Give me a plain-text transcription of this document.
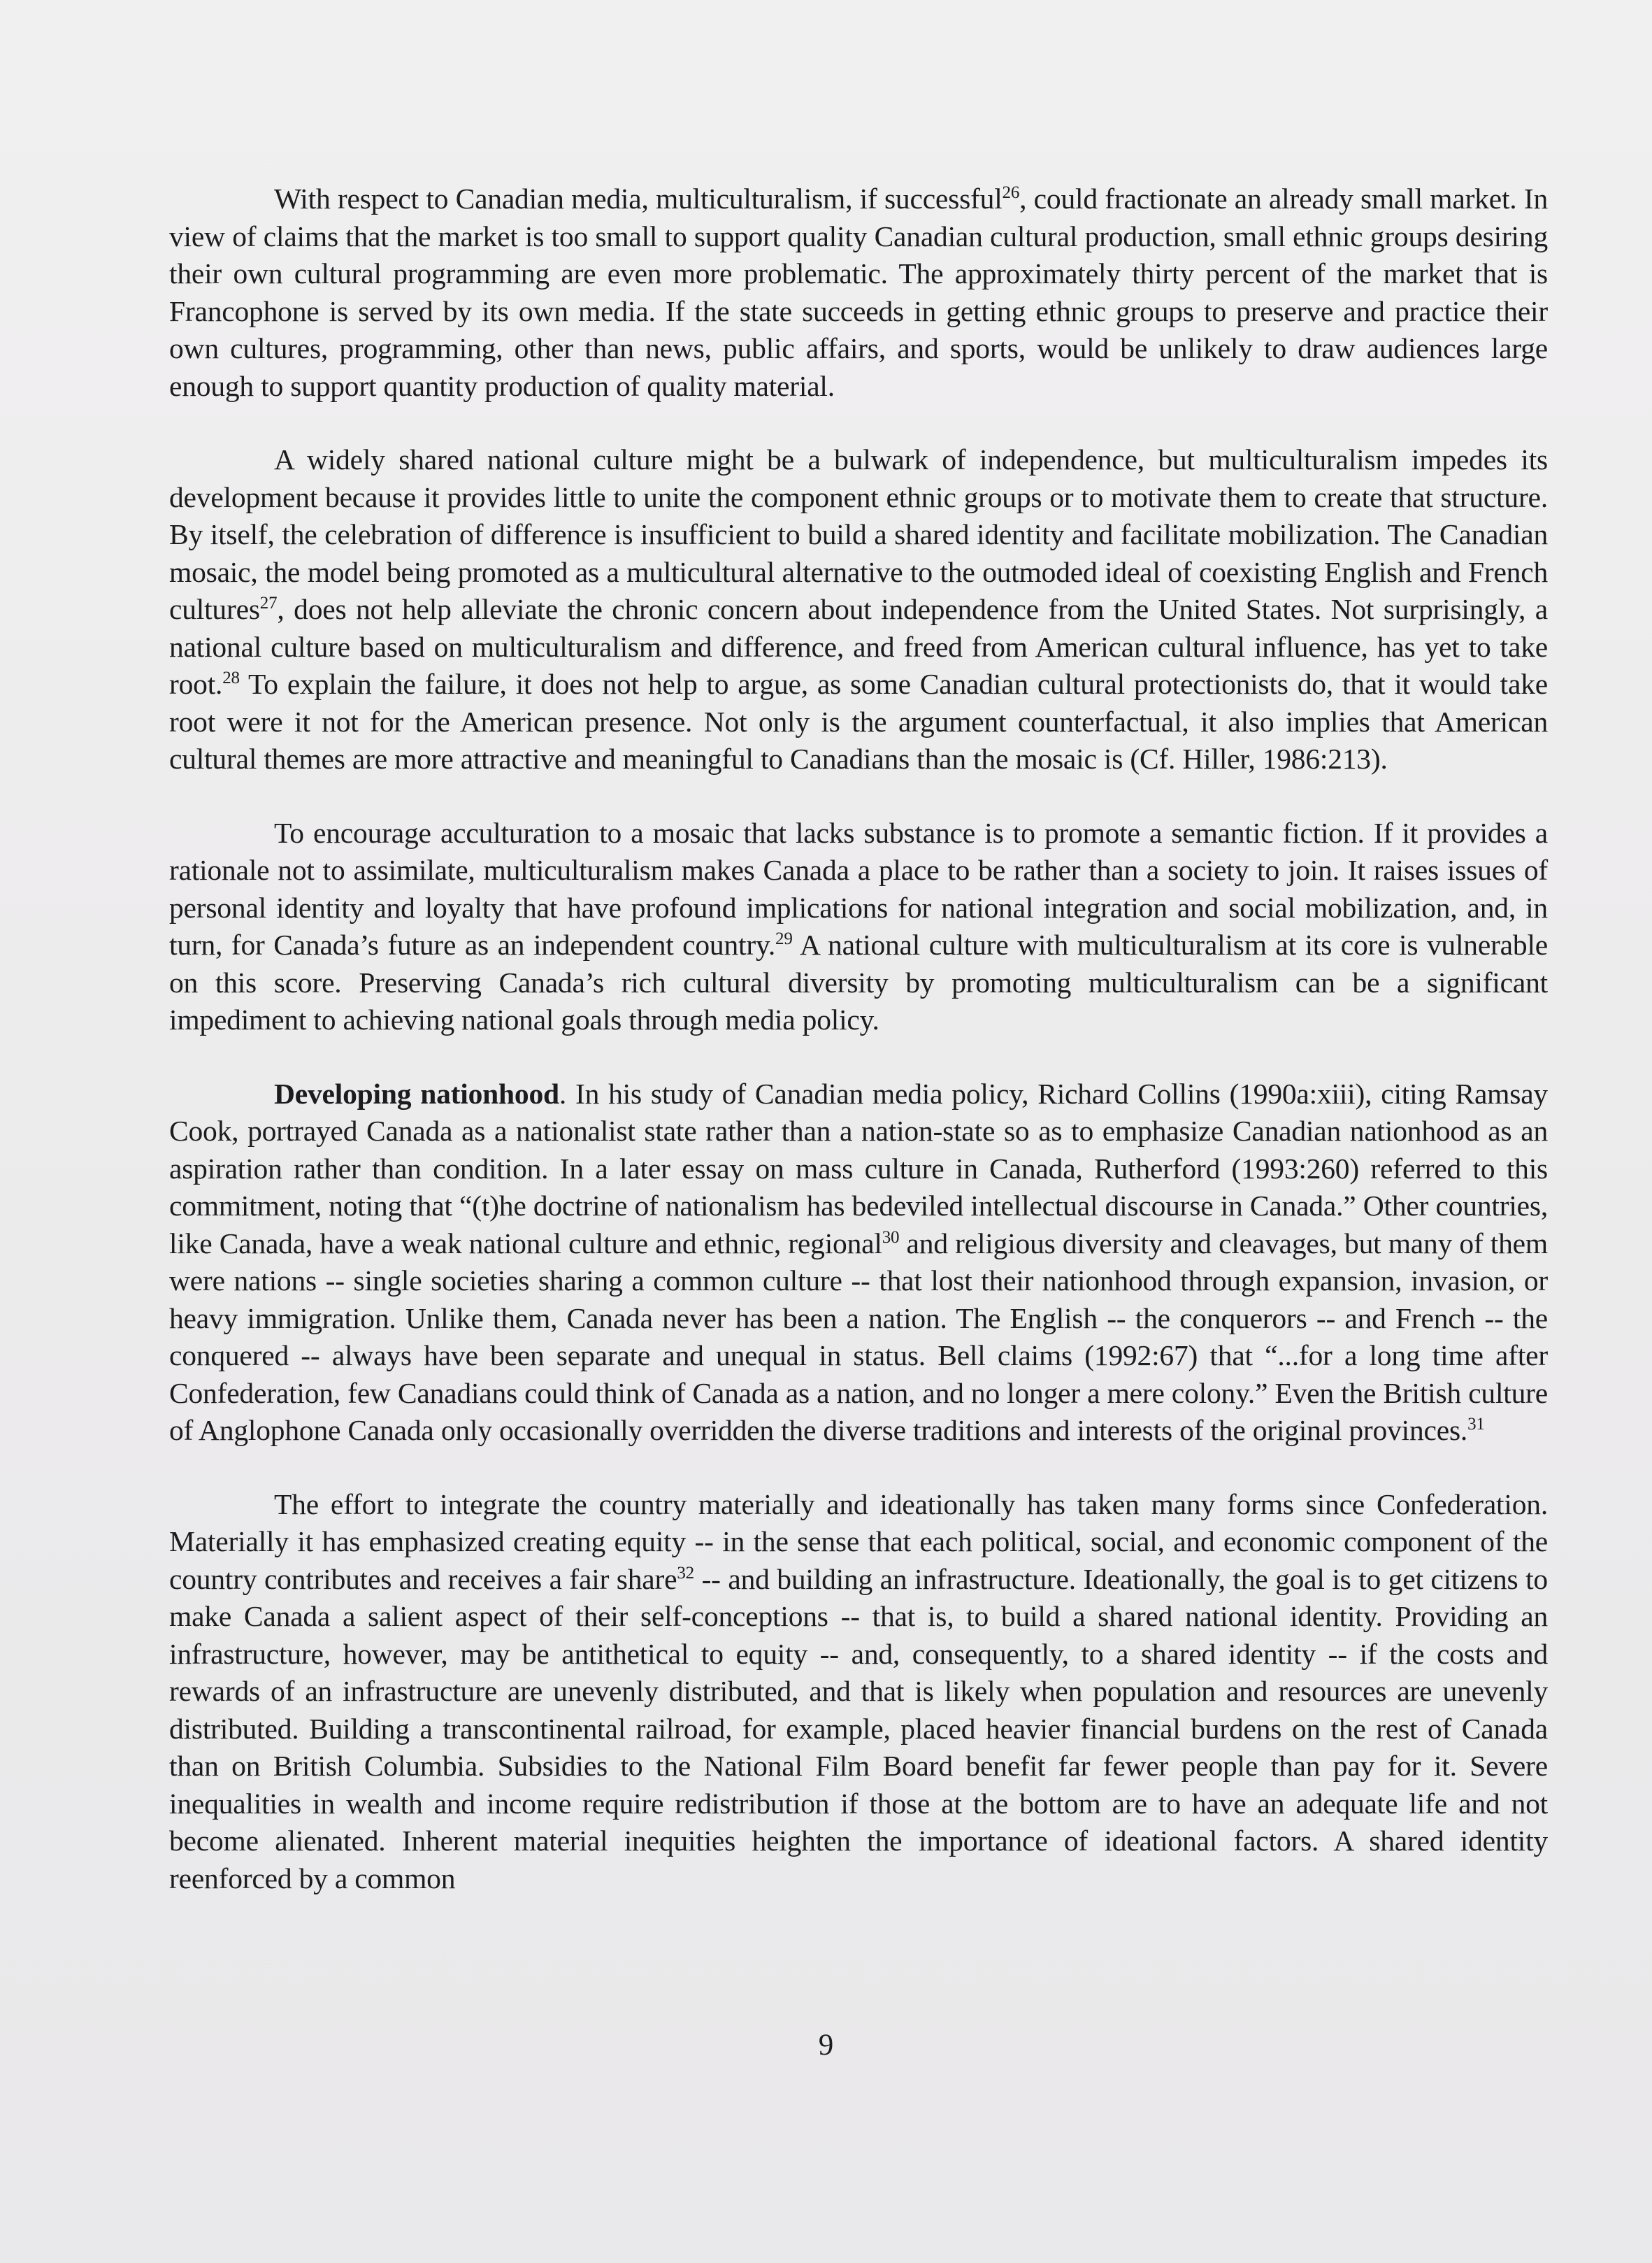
With respect to Canadian media, multiculturalism, if successful$^{26}$, could fractionate an already small market. In view of claims that the market is too small to support quality Canadian cultural production, small ethnic groups desiring their own cultural programming are even more problematic. The approximately thirty percent of the market that is Francophone is served by its own media. If the state succeeds in getting ethnic groups to preserve and practice their own cultures, programming, other than news, public affairs, and sports, would be unlikely to draw audiences large enough to support quantity production of quality material.

A widely shared national culture might be a bulwark of independence, but multiculturalism impedes its development because it provides little to unite the component ethnic groups or to motivate them to create that structure. By itself, the celebration of difference is insufficient to build a shared identity and facilitate mobilization. The Canadian mosaic, the model being promoted as a multicultural alternative to the outmoded ideal of coexisting English and French cultures$^{27}$, does not help alleviate the chronic concern about independence from the United States. Not surprisingly, a national culture based on multiculturalism and difference, and freed from American cultural influence, has yet to take root.$^{28}$ To explain the failure, it does not help to argue, as some Canadian cultural protectionists do, that it would take root were it not for the American presence. Not only is the argument counterfactual, it also implies that American cultural themes are more attractive and meaningful to Canadians than the mosaic is (Cf. Hiller, 1986:213).

To encourage acculturation to a mosaic that lacks substance is to promote a semantic fiction. If it provides a rationale not to assimilate, multiculturalism makes Canada a place to be rather than a society to join. It raises issues of personal identity and loyalty that have profound implications for national integration and social mobilization, and, in turn, for Canada’s future as an independent country.$^{29}$ A national culture with multiculturalism at its core is vulnerable on this score. Preserving Canada’s rich cultural diversity by promoting multiculturalism can be a significant impediment to achieving national goals through media policy.

Developing nationhood. In his study of Canadian media policy, Richard Collins (1990a:xiii), citing Ramsay Cook, portrayed Canada as a nationalist state rather than a nation-state so as to emphasize Canadian nationhood as an aspiration rather than condition. In a later essay on mass culture in Canada, Rutherford (1993:260) referred to this commitment, noting that “(t)he doctrine of nationalism has bedeviled intellectual discourse in Canada.” Other countries, like Canada, have a weak national culture and ethnic, regional$^{30}$ and religious diversity and cleavages, but many of them were nations -- single societies sharing a common culture -- that lost their nationhood through expansion, invasion, or heavy immigration. Unlike them, Canada never has been a nation. The English -- the conquerors -- and French -- the conquered -- always have been separate and unequal in status. Bell claims (1992:67) that “...for a long time after Confederation, few Canadians could think of Canada as a nation, and no longer a mere colony.” Even the British culture of Anglophone Canada only occasionally overridden the diverse traditions and interests of the original provinces.$^{31}$

The effort to integrate the country materially and ideationally has taken many forms since Confederation. Materially it has emphasized creating equity -- in the sense that each political, social, and economic component of the country contributes and receives a fair share$^{32}$ -- and building an infrastructure. Ideationally, the goal is to get citizens to make Canada a salient aspect of their self-conceptions -- that is, to build a shared national identity. Providing an infrastructure, however, may be antithetical to equity -- and, consequently, to a shared identity -- if the costs and rewards of an infrastructure are unevenly distributed, and that is likely when population and resources are unevenly distributed. Building a transcontinental railroad, for example, placed heavier financial burdens on the rest of Canada than on British Columbia. Subsidies to the National Film Board benefit far fewer people than pay for it. Severe inequalities in wealth and income require redistribution if those at the bottom are to have an adequate life and not become alienated. Inherent material inequities heighten the importance of ideational factors. A shared identity reenforced by a common

9
